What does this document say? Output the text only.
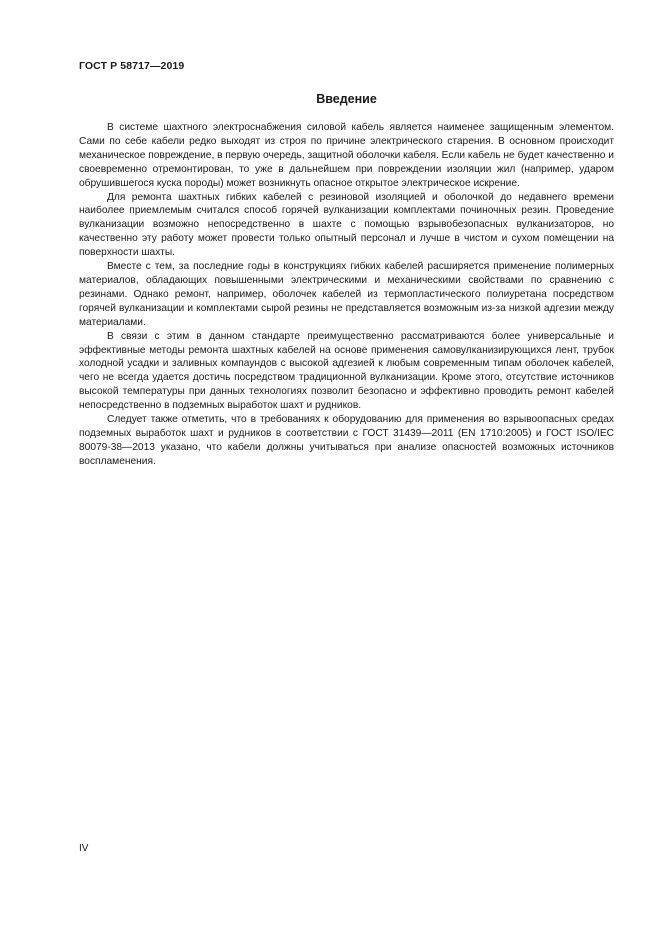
ГОСТ Р 58717—2019
Введение

В системе шахтного электроснабжения силовой кабель является наименее защищенным элементом. Сами по себе кабели редко выходят из строя по причине электрического старения. В основном происходит механическое повреждение, в первую очередь, защитной оболочки кабеля. Если кабель не будет качественно и своевременно отремонтирован, то уже в дальнейшем при повреждении изоляции жил (например, ударом обрушившегося куска породы) может возникнуть опасное открытое электрическое искрение.

Для ремонта шахтных гибких кабелей с резиновой изоляцией и оболочкой до недавнего времени наиболее приемлемым считался способ горячей вулканизации комплектами починочных резин. Проведение вулканизации возможно непосредственно в шахте с помощью взрывобезопасных вулканизаторов, но качественно эту работу может провести только опытный персонал и лучше в чистом и сухом помещении на поверхности шахты.

Вместе с тем, за последние годы в конструкциях гибких кабелей расширяется применение полимерных материалов, обладающих повышенными электрическими и механическими свойствами по сравнению с резинами. Однако ремонт, например, оболочек кабелей из термопластического полиуретана посредством горячей вулканизации и комплектами сырой резины не представляется возможным из-за низкой адгезии между материалами.

В связи с этим в данном стандарте преимущественно рассматриваются более универсальные и эффективные методы ремонта шахтных кабелей на основе применения самовулканизирующихся лент, трубок холодной усадки и заливных компаундов с высокой адгезией к любым современным типам оболочек кабелей, чего не всегда удается достичь посредством традиционной вулканизации. Кроме этого, отсутствие источников высокой температуры при данных технологиях позволит безопасно и эффективно проводить ремонт кабелей непосредственно в подземных выработок шахт и рудников.

Следует также отметить, что в требованиях к оборудованию для применения во взрывоопасных средах подземных выработок шахт и рудников в соответствии с ГОСТ 31439—2011 (EN 1710:2005) и ГОСТ ISO/IEC 80079-38—2013 указано, что кабели должны учитываться при анализе опасностей возможных источников воспламенения.

IV
